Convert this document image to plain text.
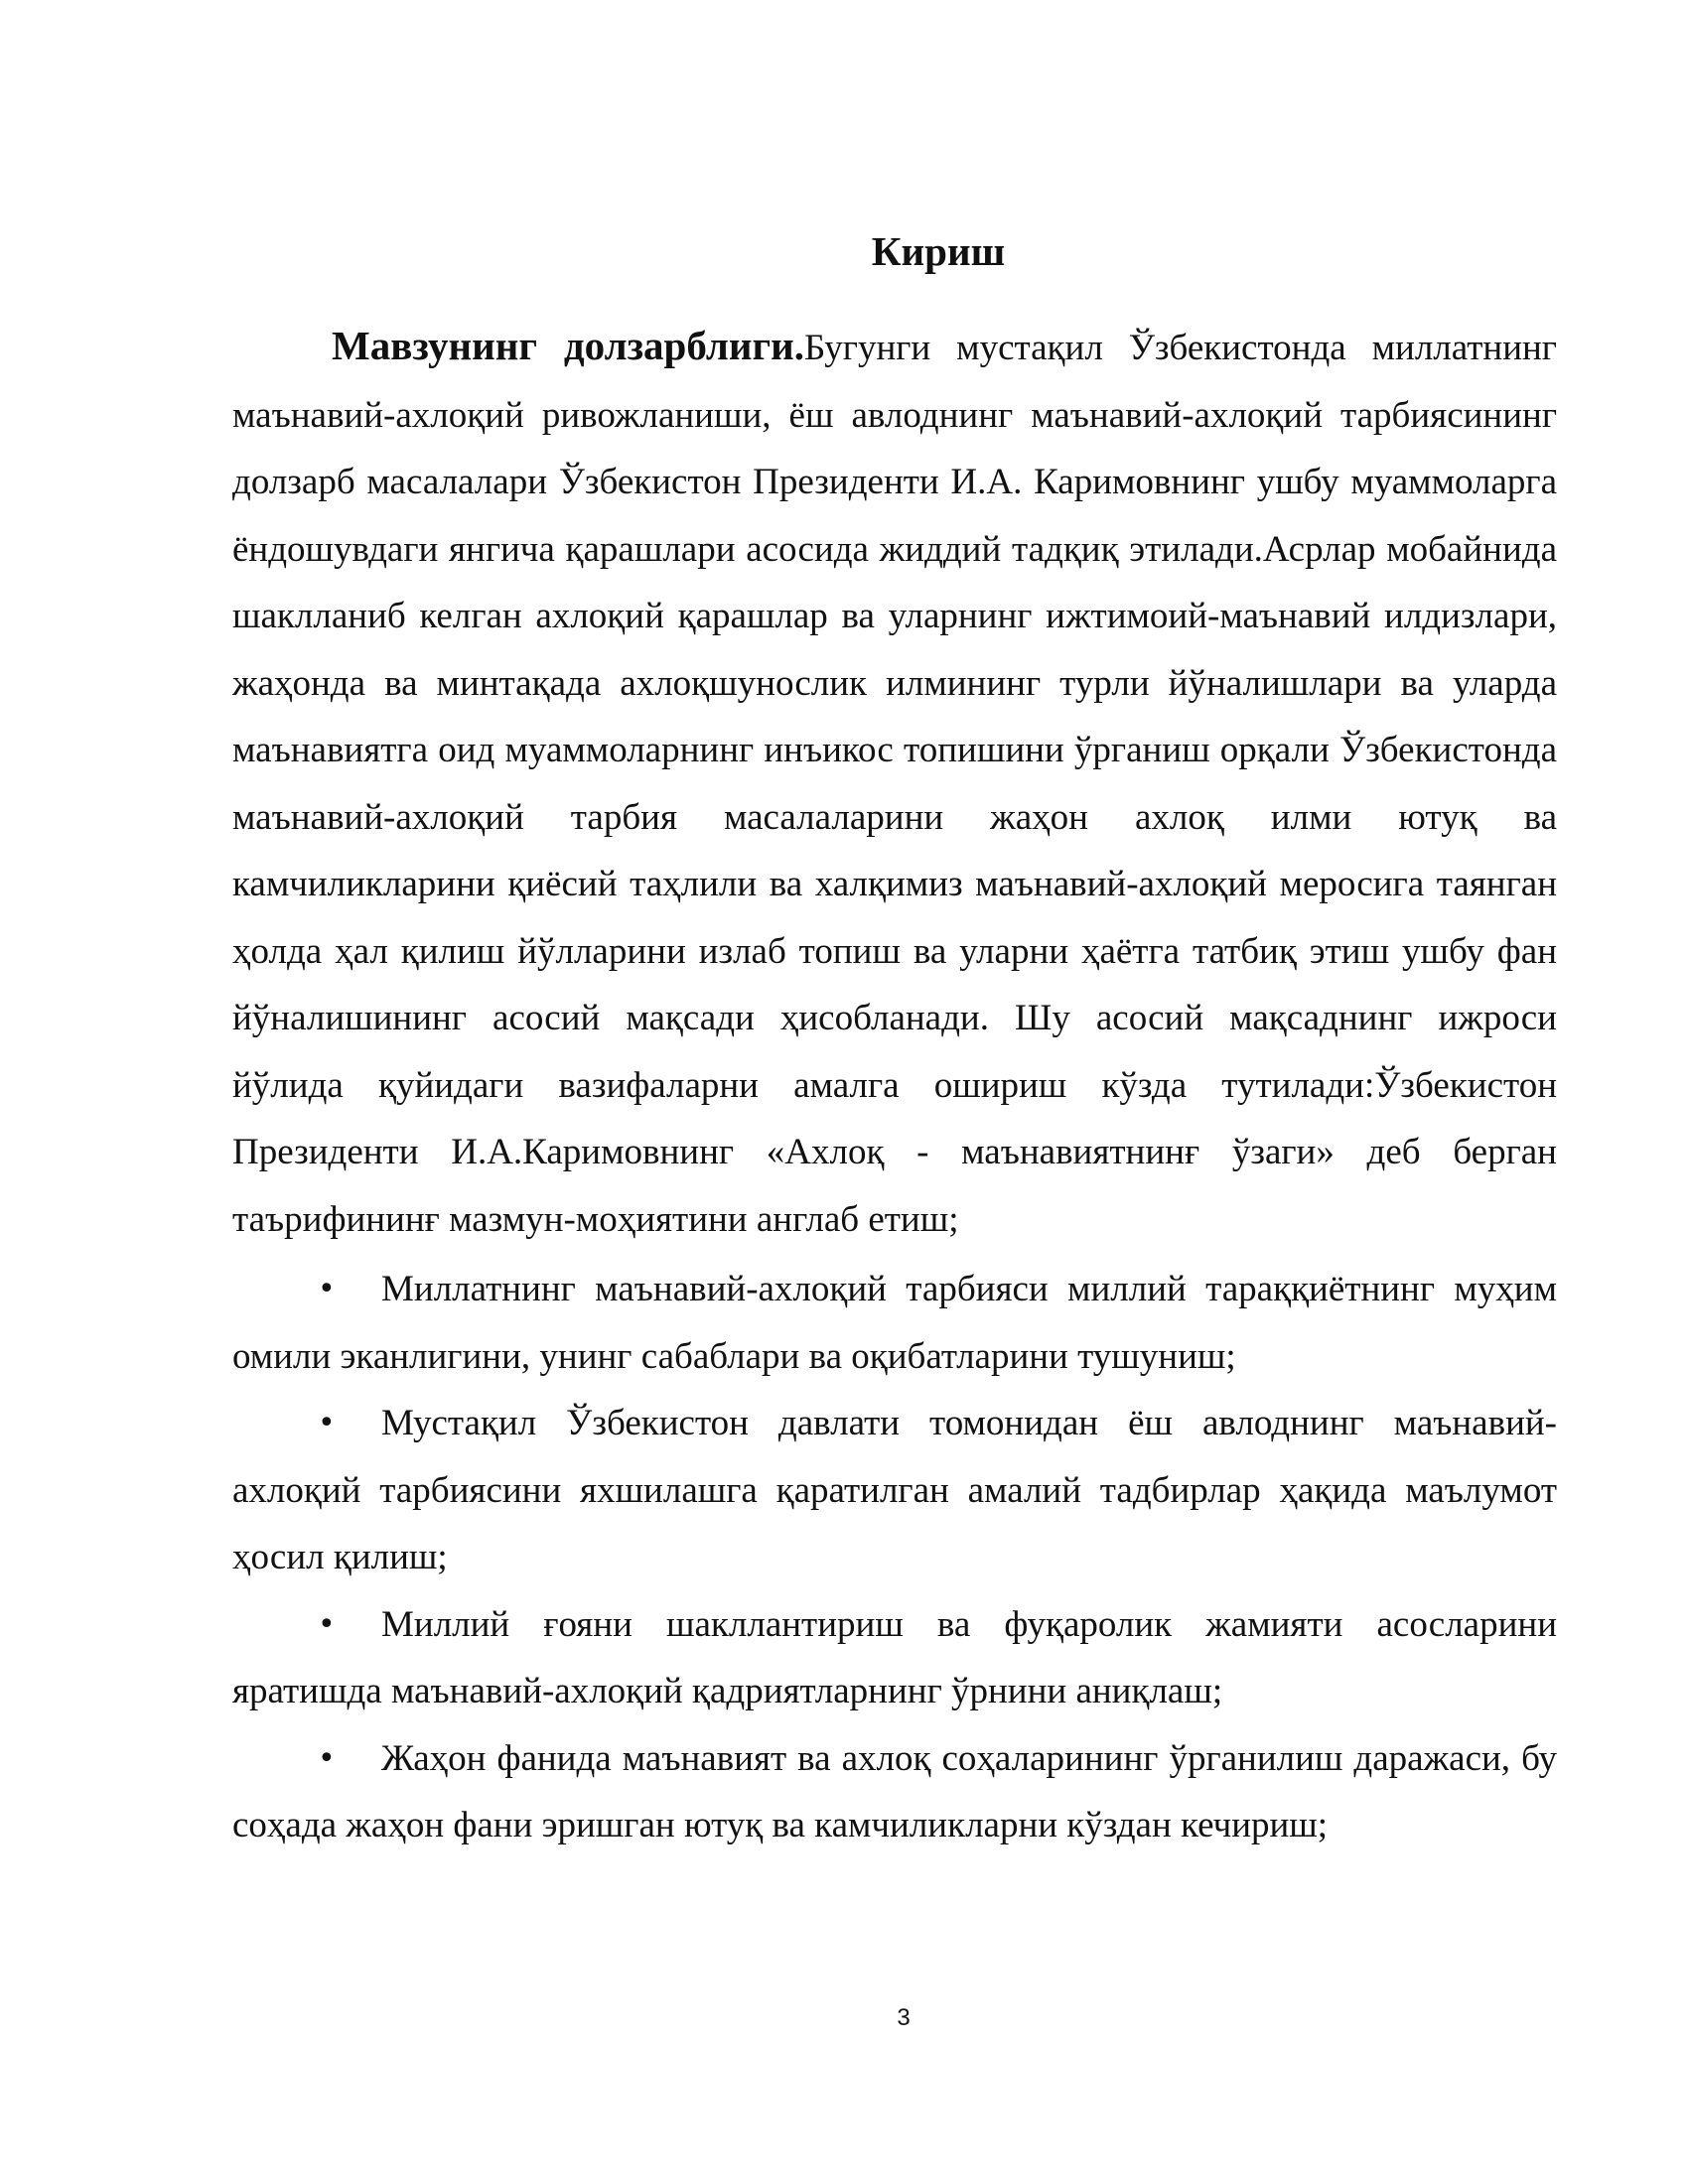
Кириш

Мавзунинг долзарблиги.Бугунги мустақил Ўзбекистонда миллатнинг маънавий-ахлоқий ривожланиши, ёш авлоднинг маънавий-ахлоқий тарбиясининг долзарб масалалари Ўзбекистон Президенти И.А. Каримовнинг ушбу муаммоларга ёндошувдаги янгича қарашлари асосида жиддий тадқиқ этилади.Асрлар мобайнида шаклланиб келган ахлоқий қарашлар ва уларнинг ижтимоий-маънавий илдизлари, жаҳонда ва минтақада ахлоқшунослик илмининг турли йўналишлари ва уларда маънавиятга оид муаммоларнинг инъикос топишини ўрганиш орқали Ўзбекистонда маънавий-ахлоқий тарбия масалаларини жаҳон ахлоқ илми ютуқ ва камчиликларини қиёсий таҳлили ва халқимиз маънавий-ахлоқий меросига таянган ҳолда ҳал қилиш йўлларини излаб топиш ва уларни ҳаётга татбиқ этиш ушбу фан йўналишининг асосий мақсади ҳисобланади. Шу асосий мақсаднинг ижроси йўлида қуйидаги вазифаларни амалга ошириш кўзда тутилади:Ўзбекистон Президенти И.А.Каримовнинг «Ахлоқ - маънавиятнинғ ўзаги» деб берган таърифининғ мазмун-моҳиятини англаб етиш;

• Миллатнинг маънавий-ахлоқий тарбияси миллий тараққиётнинг муҳим омили эканлигини, унинг сабаблари ва оқибатларини тушуниш;
• Мустақил Ўзбекистон давлати томонидан ёш авлоднинг маънавий-ахлоқий тарбиясини яхшилашга қаратилган амалий тадбирлар ҳақида маълумот ҳосил қилиш;
• Миллий ғояни шакллантириш ва фуқаролик жамияти асосларини яратишда маънавий-ахлоқий қадриятларнинг ўрнини аниқлаш;
• Жаҳон фанида маънавият ва ахлоқ соҳаларининг ўрганилиш даражаси, бу соҳада жаҳон фани эришган ютуқ ва камчиликларни кўздан кечириш;
3
